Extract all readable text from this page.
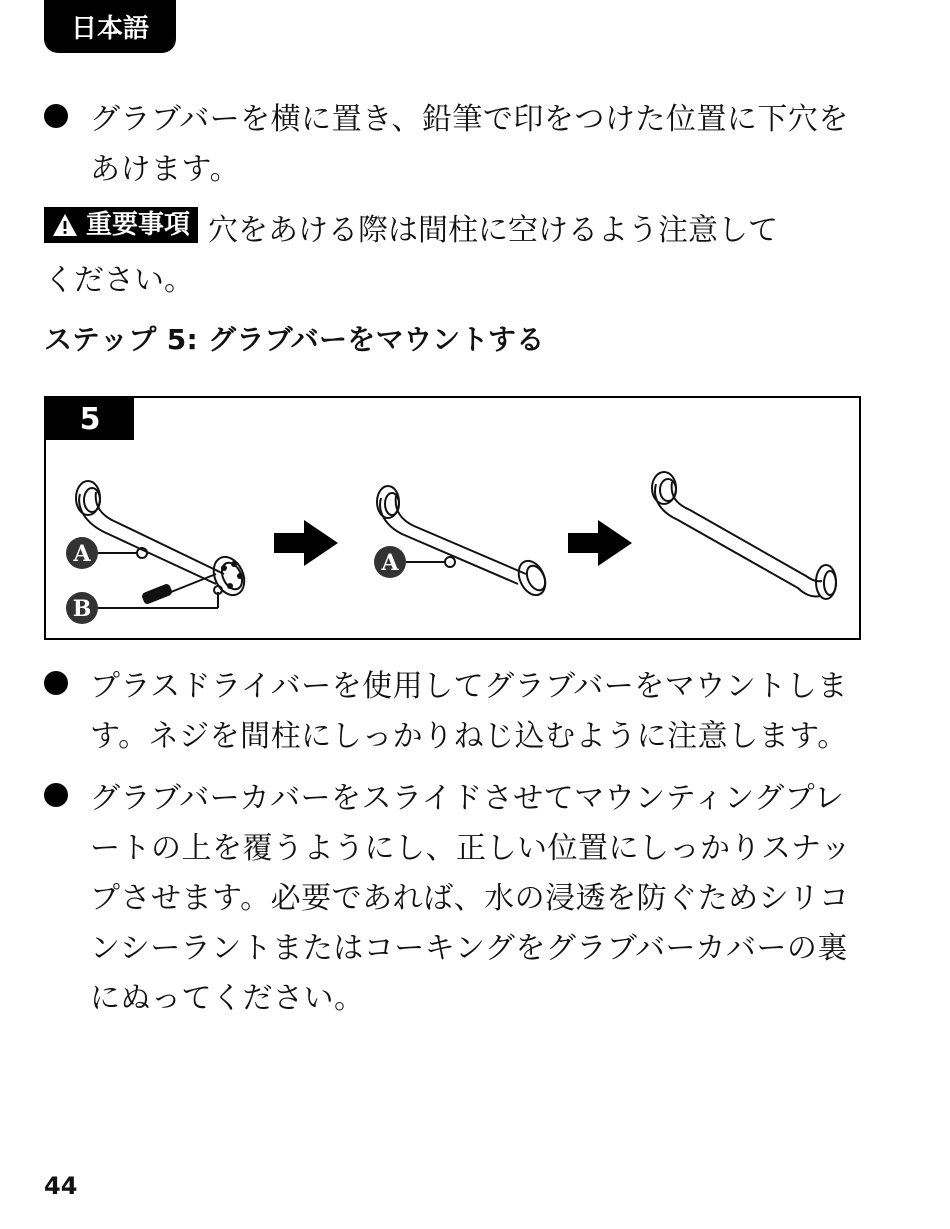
日本語
グラブバーを横に置き、鉛筆で印をつけた位置に下穴をあけます。
重要事項 穴をあける際は間柱に空けるよう注意して
ください。
ステップ 5: グラブバーをマウントする
A
B
A
5
プラスドライバーを使用してグラブバーをマウントします。ネジを間柱にしっかりねじ込むように注意します。
グラブバーカバーをスライドさせてマウンティングプレートの上を覆うようにし、正しい位置にしっかりスナップさせます。必要であれば、水の浸透を防ぐためシリコンシーラントまたはコーキングをグラブバーカバーの裏にぬってください。
44
